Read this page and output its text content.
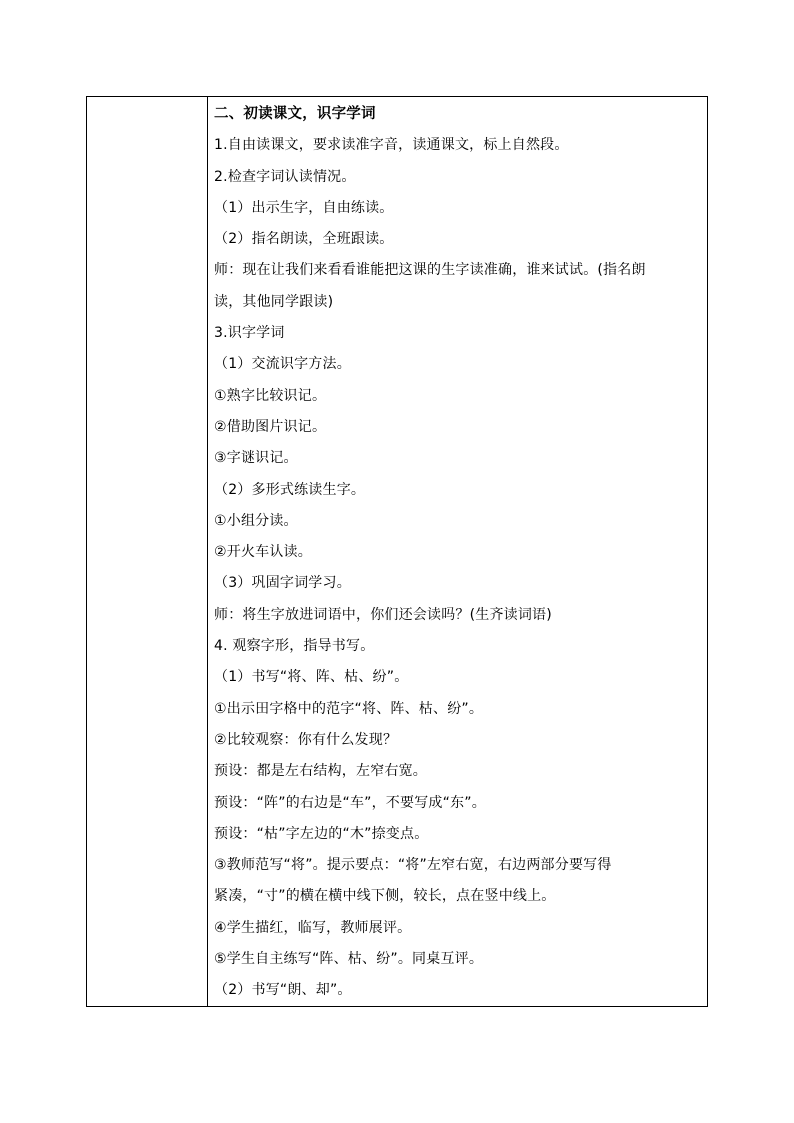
二、初读课文，识字学词
1.自由读课文，要求读准字音，读通课文，标上自然段。
2.检查字词认读情况。
（1）出示生字，自由练读。
（2）指名朗读，全班跟读。
师：现在让我们来看看谁能把这课的生字读准确，谁来试试。(指名朗
读，其他同学跟读)
3.识字学词
（1）交流识字方法。
①熟字比较识记。
②借助图片识记。
③字谜识记。
（2）多形式练读生字。
①小组分读。
②开火车认读。
（3）巩固字词学习。
师：将生字放进词语中，你们还会读吗？(生齐读词语)
4. 观察字形，指导书写。
（1）书写“将、阵、枯、纷”。
①出示田字格中的范字“将、阵、枯、纷”。
②比较观察：你有什么发现？
预设：都是左右结构，左窄右宽。
预设：“阵”的右边是“车”，不要写成“东”。
预设：“枯”字左边的“木”捺变点。
③教师范写“将”。提示要点：“将”左窄右宽，右边两部分要写得
紧凑，“寸”的横在横中线下侧，较长，点在竖中线上。
④学生描红，临写，教师展评。
⑤学生自主练写“阵、枯、纷”。同桌互评。
（2）书写“朗、却”。
